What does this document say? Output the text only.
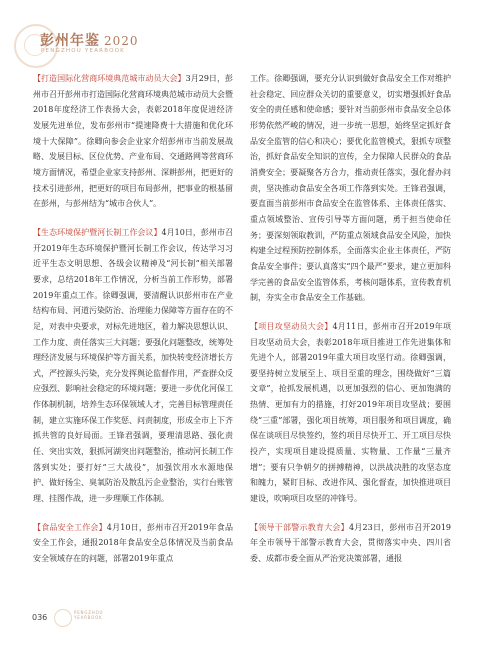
彭州年鉴 2020
PENGZHOU YEARBOOK

【打造国际化营商环境典范城市动员大会】3月29日，彭州市召开彭州市打造国际化营商环境典范城市动员大会暨2018年度经济工作表扬大会，表彰2018年度促进经济发展先进单位，发布彭州市“提速降费十大措施和优化环境十大保障”。徐卿向参会企业家介绍彭州市当前发展战略、发展目标、区位优势、产业布局、交通路网等营商环境方面情况，希望企业家支持彭州、深耕彭州，把更好的技术引进彭州，把更好的项目布局彭州，把事业的根基留在彭州，与彭州结为“城市合伙人”。

【生态环境保护暨河长制工作会议】4月10日，彭州市召开2019年生态环境保护暨河长制工作会议，传达学习习近平生态文明思想、各级会议精神及“河长制”相关部署要求，总结2018年工作情况，分析当前工作形势，部署2019年重点工作。徐卿强调，要清醒认识彭州市在产业结构布局、河道污染防治、治理能力保障等方面存在的不足，对表中央要求，对标先进地区，着力解决思想认识、工作力度、责任落实三大问题；要强化问题整改，统筹处理经济发展与环境保护等方面关系，加快转变经济增长方式，严控源头污染，充分发挥舆论监督作用，严查群众反应强烈、影响社会稳定的环境问题；要进一步优化河保工作体制机制，培养生态环保领域人才，完善目标管理责任制，建立实施环保工作奖惩、问责制度，形成全市上下齐抓共管的良好局面。王锋君强调，要理清思路、强化责任、突出实效，狠抓河湖突出问题整治，推动河长制工作落到实处；要打好“三大战役”，加强饮用水水源地保护、做好扬尘、臭氧防治及散乱污企业整治，实行台账管理、挂图作战，进一步理顺工作体制。

【食品安全工作会】4月10日，彭州市召开2019年食品安全工作会，通报2018年食品安全总体情况及当前食品安全领域存在的问题，部署2019年重点

工作。徐卿强调，要充分认识到做好食品安全工作对维护社会稳定、回应群众关切的重要意义，切实增强抓好食品安全的责任感和使命感；要针对当前彭州市食品安全总体形势依然严峻的情况，进一步统一思想，始终坚定抓好食品安全监管的信心和决心；要优化监管模式，狠抓专项整治，抓好食品安全知识的宣传，全力保障人民群众的食品消费安全；要凝聚各方合力，推动责任落实，强化督办问责，坚决推动食品安全各项工作落到实处。王锋君强调，要直面当前彭州市食品安全在监管体系、主体责任落实、重点领域整治、宣传引导等方面问题，勇于担当使命任务；要深刻领取教训，严防重点领域食品安全风险，加快构建全过程预防控制体系，全面落实企业主体责任，严防食品安全事件；要认真落实“四个最严”要求，建立更加科学完善的食品安全监管体系，考核问题体系，宣传教育机制，夯实全市食品安全工作基础。

【项目攻坚动员大会】4月11日，彭州市召开2019年项目攻坚动员大会，表彰2018年项目推进工作先进集体和先进个人，部署2019年重大项目攻坚行动。徐卿强调，要坚持树立发展至上、项目至重的理念，围绕做好“三篇文章”，抢抓发展机遇，以更加强烈的信心、更加饱满的热情、更加有力的措施，打好2019年项目攻坚战；要围绕“三重”部署，强化项目统筹，项目服务和项目调度，确保在谈项目尽快签约，签约项目尽快开工、开工项目尽快投产，实现项目建设提质量、实物量、工作量“三量齐增”；要有只争朝夕的拼搏精神，以洪战决胜的攻坚态度和魄力，紧盯目标、改进作风、强化督查，加快推进项目建设，吹响项目攻坚的冲锋号。

【领导干部警示教育大会】4月23日，彭州市召开2019年全市领导干部警示教育大会，贯彻落实中央、四川省委、成都市委全面从严治党决策部署，通报

036
PENGZHOU
YEARBOOK
